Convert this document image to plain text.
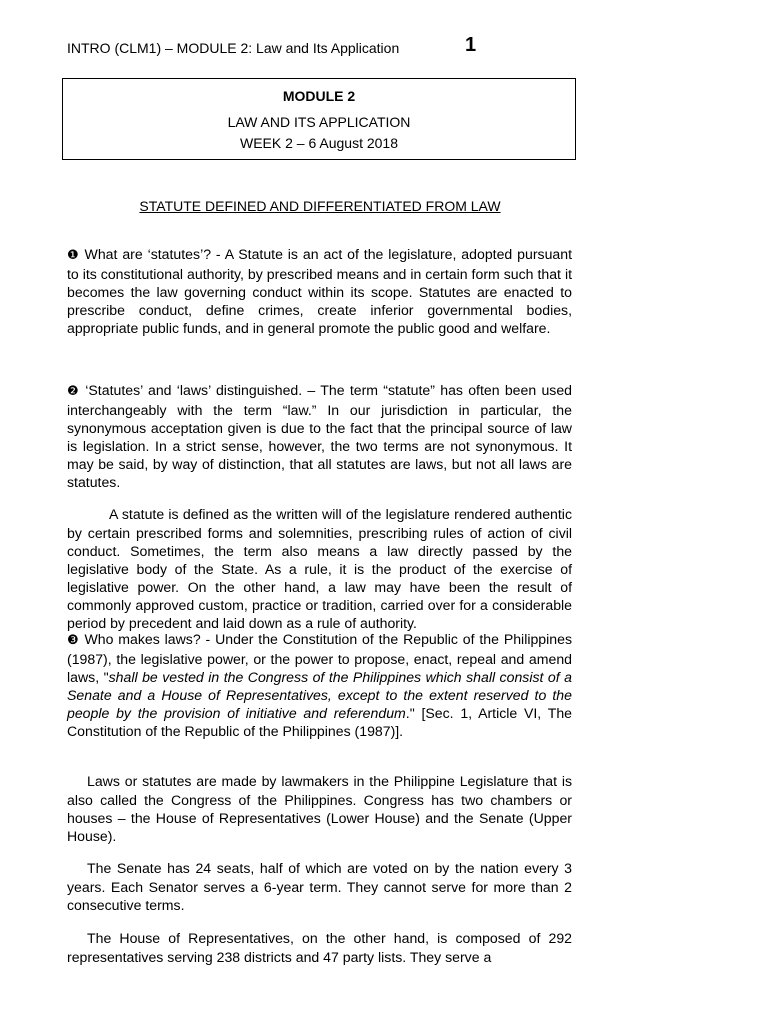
INTRO (CLM1) – MODULE 2: Law and Its Application	1
MODULE 2
LAW AND ITS APPLICATION
WEEK 2 – 6 August 2018
STATUTE DEFINED AND DIFFERENTIATED FROM LAW
❶ What are ‘statutes’? - A Statute is an act of the legislature, adopted pursuant to its constitutional authority, by prescribed means and in certain form such that it becomes the law governing conduct within its scope. Statutes are enacted to prescribe conduct, define crimes, create inferior governmental bodies, appropriate public funds, and in general promote the public good and welfare.
❷ ‘Statutes’ and ‘laws’ distinguished. – The term “statute” has often been used interchangeably with the term “law.” In our jurisdiction in particular, the synonymous acceptation given is due to the fact that the principal source of law is legislation. In a strict sense, however, the two terms are not synonymous. It may be said, by way of distinction, that all statutes are laws, but not all laws are statutes.
A statute is defined as the written will of the legislature rendered authentic by certain prescribed forms and solemnities, prescribing rules of action of civil conduct. Sometimes, the term also means a law directly passed by the legislative body of the State. As a rule, it is the product of the exercise of legislative power. On the other hand, a law may have been the result of commonly approved custom, practice or tradition, carried over for a considerable period by precedent and laid down as a rule of authority.
❸ Who makes laws? - Under the Constitution of the Republic of the Philippines (1987), the legislative power, or the power to propose, enact, repeal and amend laws, "shall be vested in the Congress of the Philippines which shall consist of a Senate and a House of Representatives, except to the extent reserved to the people by the provision of initiative and referendum." [Sec. 1, Article VI, The Constitution of the Republic of the Philippines (1987)].
Laws or statutes are made by lawmakers in the Philippine Legislature that is also called the Congress of the Philippines. Congress has two chambers or houses – the House of Representatives (Lower House) and the Senate (Upper House).
The Senate has 24 seats, half of which are voted on by the nation every 3 years. Each Senator serves a 6-year term. They cannot serve for more than 2 consecutive terms.
The House of Representatives, on the other hand, is composed of 292 representatives serving 238 districts and 47 party lists. They serve a
